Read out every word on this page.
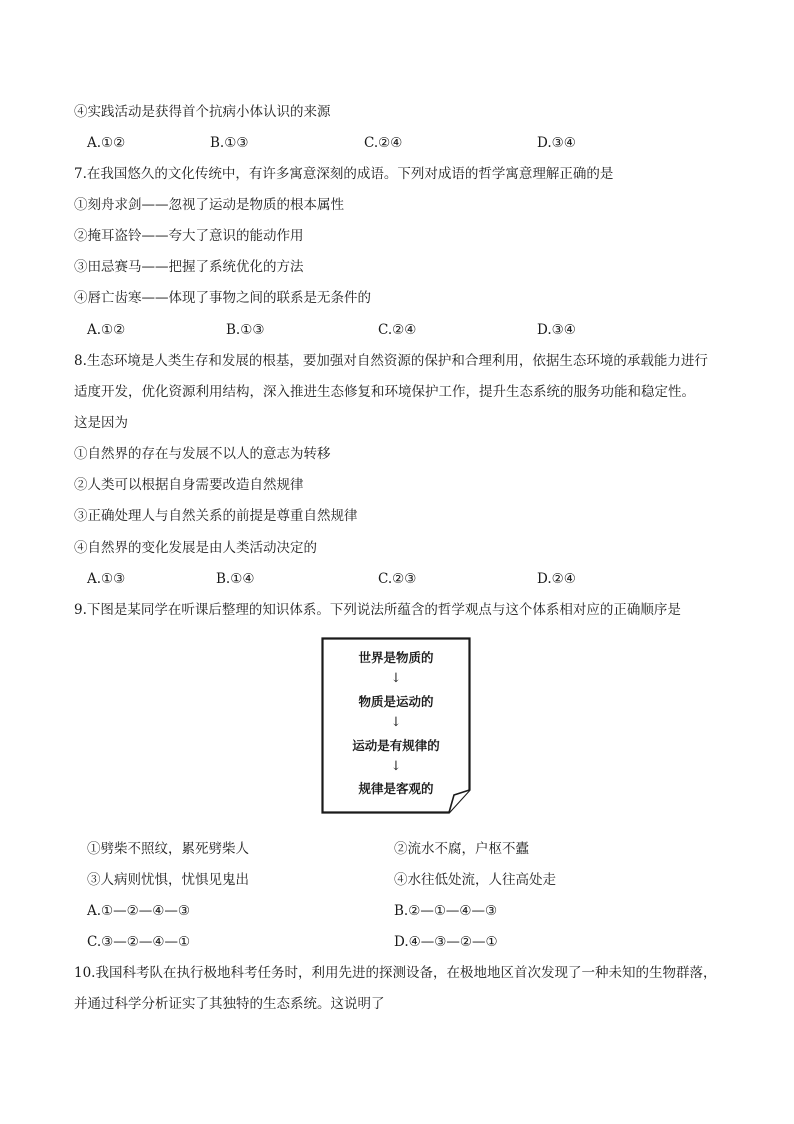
④实践活动是获得首个抗病小体认识的来源
A.①②	B.①③	C.②④	D.③④
7.在我国悠久的文化传统中，有许多寓意深刻的成语。下列对成语的哲学寓意理解正确的是
①刻舟求剑——忽视了运动是物质的根本属性
②掩耳盗铃——夸大了意识的能动作用
③田忌赛马——把握了系统优化的方法
④唇亡齿寒——体现了事物之间的联系是无条件的
A.①②	B.①③	C.②④	D.③④
8.生态环境是人类生存和发展的根基，要加强对自然资源的保护和合理利用，依据生态环境的承载能力进行
适度开发，优化资源利用结构，深入推进生态修复和环境保护工作，提升生态系统的服务功能和稳定性。
这是因为
①自然界的存在与发展不以人的意志为转移
②人类可以根据自身需要改造自然规律
③正确处理人与自然关系的前提是尊重自然规律
④自然界的变化发展是由人类活动决定的
A.①③	B.①④	C.②③	D.②④
9.下图是某同学在听课后整理的知识体系。下列说法所蕴含的哲学观点与这个体系相对应的正确顺序是
世界是物质的
↓
物质是运动的
↓
运动是有规律的
↓
规律是客观的
①劈柴不照纹，累死劈柴人	②流水不腐，户枢不蠹
③人病则忧惧，忧惧见鬼出	④水往低处流，人往高处走
A.①—②—④—③	B.②—①—④—③
C.③—②—④—①	D.④—③—②—①
10.我国科考队在执行极地科考任务时，利用先进的探测设备，在极地地区首次发现了一种未知的生物群落，
并通过科学分析证实了其独特的生态系统。这说明了
